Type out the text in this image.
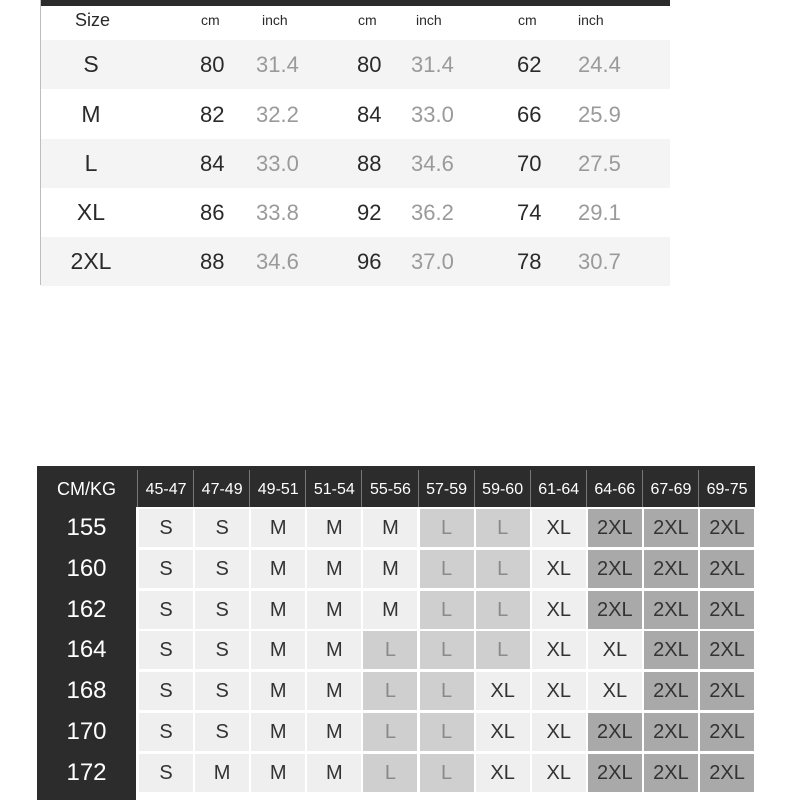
Size	cm	inch	cm	inch	cm	inch
S	80 31.4	80 31.4	62 24.4
M	82 32.2	84 33.0	66 25.9
L	84 33.0	88 34.6	70 27.5
XL	86 33.8	92 36.2	74 29.1
2XL	88 34.6	96 37.0	78 30.7
CM/KG	45-47 47-49 49-51 51-54 55-56 57-59 59-60 61-64 64-66 67-69 69-75
155	S	S	M	M	M	L	L	XL	2XL	2XL	2XL
160	S	S	M	M	M	L	L	XL	2XL	2XL	2XL
162	S	S	M	M	M	L	L	XL	2XL	2XL	2XL
164	S	S	M	M	L	L	L	XL	XL	2XL	2XL
168	S	S	M	M	L	L	XL	XL	XL	2XL	2XL
170	S	S	M	M	L	L	XL	XL	2XL	2XL	2XL
172	S	M	M	M	L	L	XL	XL	2XL	2XL	2XL
